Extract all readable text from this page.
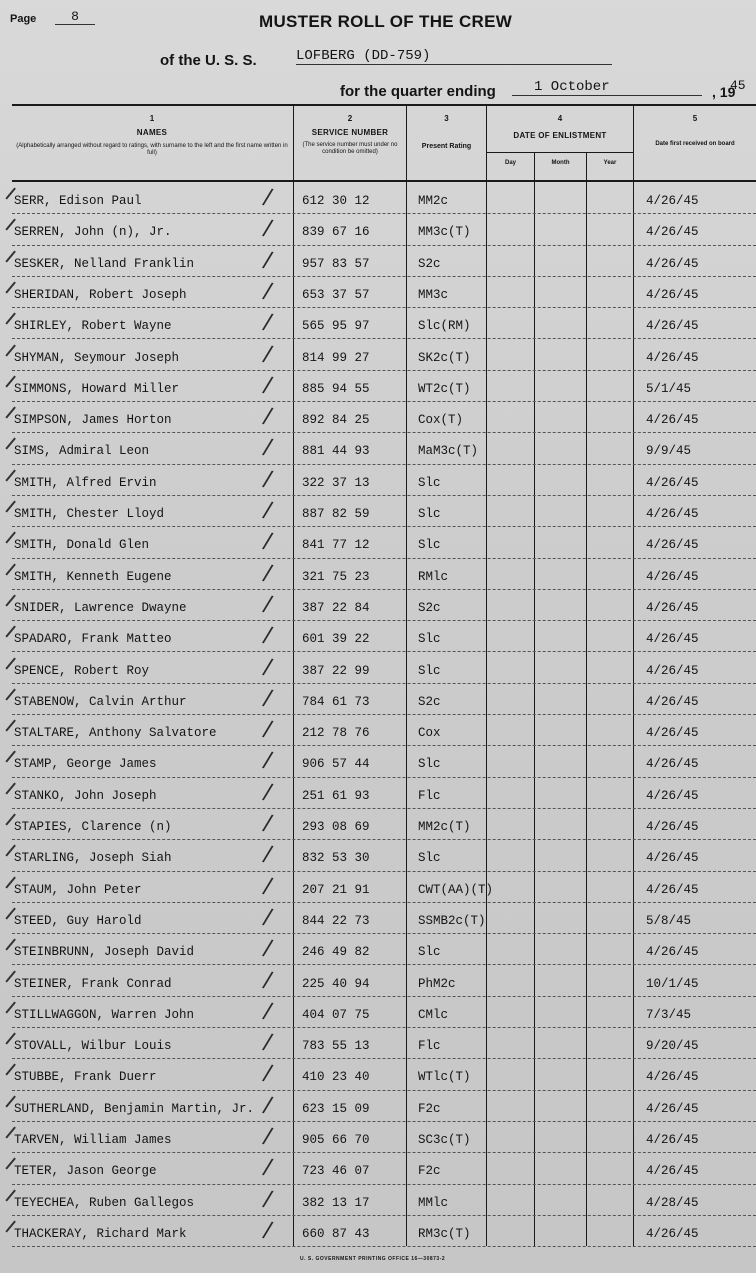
Page	8	MUSTER ROLL OF THE CREW
of the U. S. S.	LOFBERG (DD-759)
for the quarter ending	1 October	, 19
45
1
NAMES
(Alphabetically arranged without regard to ratings, with surname to the left and the first name written in full)
2
SERVICE NUMBER
(The service number must under no condition be omitted)
3
Present Rating
4
DATE OF ENLISTMENT
Day	Month	Year
5
Date first received on board
SERR, Edison Paul	612 30 12	MM2c	4/26/45
∕
SERREN, John (n), Jr.	839 67 16	MM3c(T)	4/26/45
∕
SESKER, Nelland Franklin	957 83 57	S2c	4/26/45
∕
SHERIDAN, Robert Joseph	653 37 57	MM3c	4/26/45
∕
SHIRLEY, Robert Wayne	565 95 97	Slc(RM)	4/26/45
∕
SHYMAN, Seymour Joseph	814 99 27	SK2c(T)	4/26/45
∕
SIMMONS, Howard Miller	885 94 55	WT2c(T)	5/1/45
∕
SIMPSON, James Horton	892 84 25	Cox(T)	4/26/45
∕
SIMS, Admiral Leon	881 44 93	MaM3c(T)	9/9/45
∕
SMITH, Alfred Ervin	322 37 13	Slc	4/26/45
∕
SMITH, Chester Lloyd	887 82 59	Slc	4/26/45
∕
SMITH, Donald Glen	841 77 12	Slc	4/26/45
∕
SMITH, Kenneth Eugene	321 75 23	RMlc	4/26/45
∕
SNIDER, Lawrence Dwayne	387 22 84	S2c	4/26/45
∕
SPADARO, Frank Matteo	601 39 22	Slc	4/26/45
∕
SPENCE, Robert Roy	387 22 99	Slc	4/26/45
∕
STABENOW, Calvin Arthur	784 61 73	S2c	4/26/45
∕
STALTARE, Anthony Salvatore	212 78 76	Cox	4/26/45
∕
STAMP, George James	906 57 44	Slc	4/26/45
∕
STANKO, John Joseph	251 61 93	Flc	4/26/45
∕
STAPIES, Clarence (n)	293 08 69	MM2c(T)	4/26/45
∕
STARLING, Joseph Siah	832 53 30	Slc	4/26/45
∕
STAUM, John Peter	207 21 91	CWT(AA)(T)	4/26/45
∕
STEED, Guy Harold	844 22 73	SSMB2c(T)	5/8/45
∕
STEINBRUNN, Joseph David	246 49 82	Slc	4/26/45
∕
STEINER, Frank Conrad	225 40 94	PhM2c	10/1/45
∕
STILLWAGGON, Warren John	404 07 75	CMlc	7/3/45
∕
STOVALL, Wilbur Louis	783 55 13	Flc	9/20/45
∕
STUBBE, Frank Duerr	410 23 40	WTlc(T)	4/26/45
∕
SUTHERLAND, Benjamin Martin, Jr.	623 15 09	F2c	4/26/45
∕
TARVEN, William James	905 66 70	SC3c(T)	4/26/45
∕
TETER, Jason George	723 46 07	F2c	4/26/45
∕
TEYECHEA, Ruben Gallegos	382 13 17	MMlc	4/28/45
∕
THACKERAY, Richard Mark	660 87 43	RM3c(T)	4/26/45
∕
U. S. GOVERNMENT PRINTING OFFICE 16—30873-2
